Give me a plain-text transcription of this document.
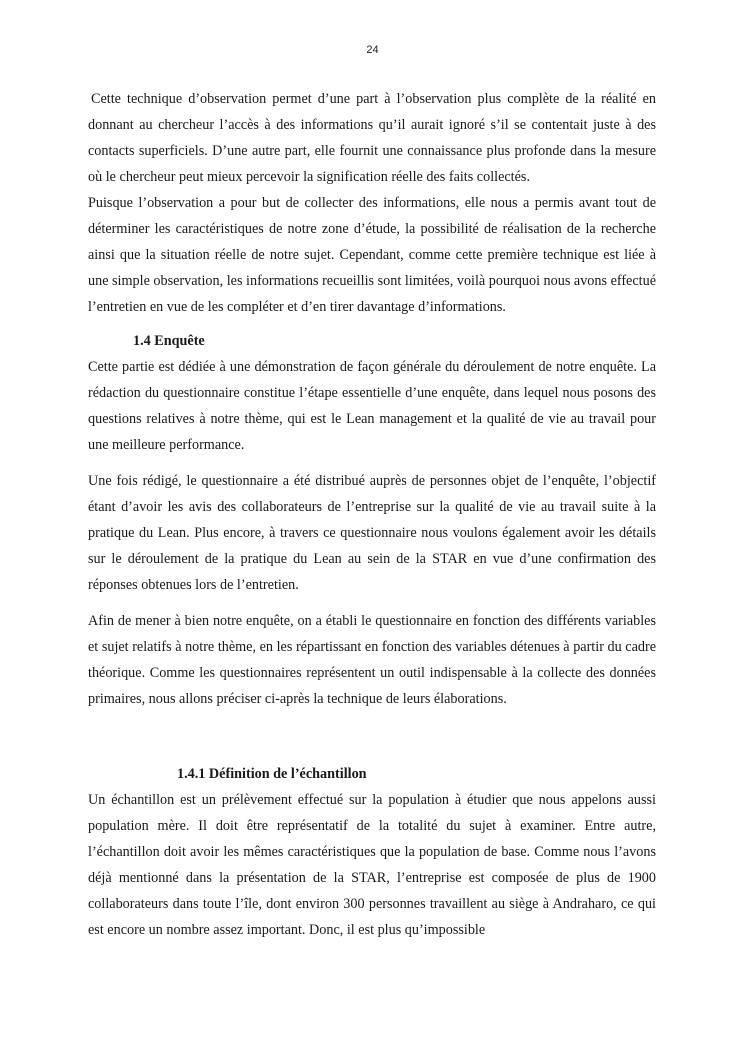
24

Cette technique d’observation permet d’une part à l’observation plus complète de la réalité en donnant au chercheur l’accès à des informations qu’il aurait ignoré s’il se contentait juste à des contacts superficiels. D’une autre part, elle fournit une connaissance plus profonde dans la mesure où le chercheur peut mieux percevoir la signification réelle des faits collectés.

Puisque l’observation a pour but de collecter des informations, elle nous a permis avant tout de déterminer les caractéristiques de notre zone d’étude, la possibilité de réalisation de la recherche ainsi que la situation réelle de notre sujet. Cependant, comme cette première technique est liée à une simple observation, les informations recueillis sont limitées, voilà pourquoi nous avons effectué l’entretien en vue de les compléter et d’en tirer davantage d’informations.

1.4 Enquête

Cette partie est dédiée à une démonstration de façon générale du déroulement de notre enquête. La rédaction du questionnaire constitue l’étape essentielle d’une enquête, dans lequel nous posons des questions relatives à notre thème, qui est le Lean management et la qualité de vie au travail pour une meilleure performance.

Une fois rédigé, le questionnaire a été distribué auprès de personnes objet de l’enquête, l’objectif étant d’avoir les avis des collaborateurs de l’entreprise sur la qualité de vie au travail suite à la pratique du Lean. Plus encore, à travers ce questionnaire nous voulons également avoir les détails sur le déroulement de la pratique du Lean au sein de la STAR en vue d’une confirmation des réponses obtenues lors de l’entretien.

Afin de mener à bien notre enquête, on a établi le questionnaire en fonction des différents variables et sujet relatifs à notre thème, en les répartissant en fonction des variables détenues à partir du cadre théorique. Comme les questionnaires représentent un outil indispensable à la collecte des données primaires, nous allons préciser ci-après la technique de leurs élaborations.

1.4.1 Définition de l’échantillon

Un échantillon est un prélèvement effectué sur la population à étudier que nous appelons aussi population mère. Il doit être représentatif de la totalité du sujet à examiner. Entre autre, l’échantillon doit avoir les mêmes caractéristiques que la population de base. Comme nous l’avons déjà mentionné dans la présentation de la STAR, l’entreprise est composée de plus de 1900 collaborateurs dans toute l’île, dont environ 300 personnes travaillent au siège à Andraharo, ce qui est encore un nombre assez important. Donc, il est plus qu’impossible
